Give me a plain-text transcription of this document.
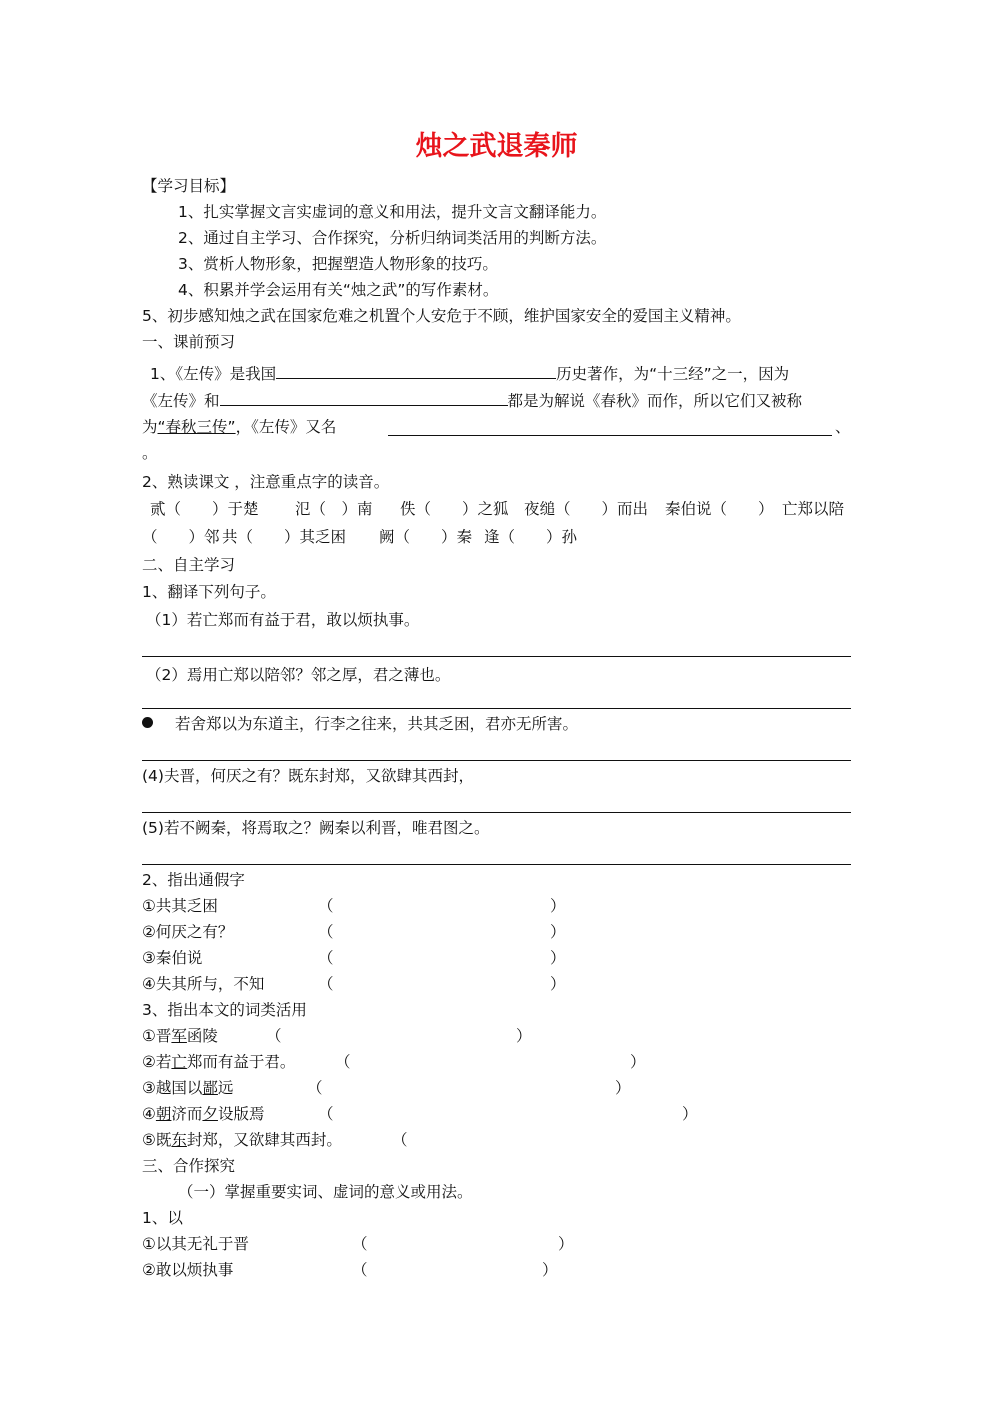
烛之武退秦师
【学习目标】
1、扎实掌握文言实虚词的意义和用法，提升文言文翻译能力。
2、通过自主学习、合作探究，分析归纳词类活用的判断方法。
3、赏析人物形象，把握塑造人物形象的技巧。
4、积累并学会运用有关“烛之武”的写作素材。
5、初步感知烛之武在国家危难之机置个人安危于不顾，维护国家安全的爱国主义精神。
一、课前预习
1、《左传》是我国	历史著作，为“十三经”之一，因为
《左传》和	都是为解说《春秋》而作，所以它们又被称
为“春秋三传”，《左传》又名	、
。
2、熟读课文 ，注意重点字的读音。
贰（　　）于楚 氾（　）南 佚（　　）之狐 夜缒（　　）而出 秦伯说（　　） 亡郑以陪
（　　）邻 共（　　）其乏困 阙（　　）秦 逢（　　）孙
二、自主学习
1、翻译下列句子。
（1）若亡郑而有益于君，敢以烦执事。
（2）焉用亡郑以陪邻？邻之厚，君之薄也。
若舍郑以为东道主，行李之往来，共其乏困，君亦无所害。
(4)夫晋，何厌之有？既东封郑，又欲肆其西封，
(5)若不阙秦，将焉取之？阙秦以利晋，唯君图之。
2、指出通假字
①共其乏困	（	）
②何厌之有？	（	）
③秦伯说	（	）
④失其所与，不知	（	）
3、指出本文的词类活用
①晋军函陵	（	）
②若亡郑而有益于君。	（	）
③越国以鄙远	（	）
④朝济而夕设版焉	（	）
⑤既东封郑，又欲肆其西封。	（
三、合作探究
（一）掌握重要实词、虚词的意义或用法。
1、以
①以其无礼于晋	（	）
②敢以烦执事	（	）
